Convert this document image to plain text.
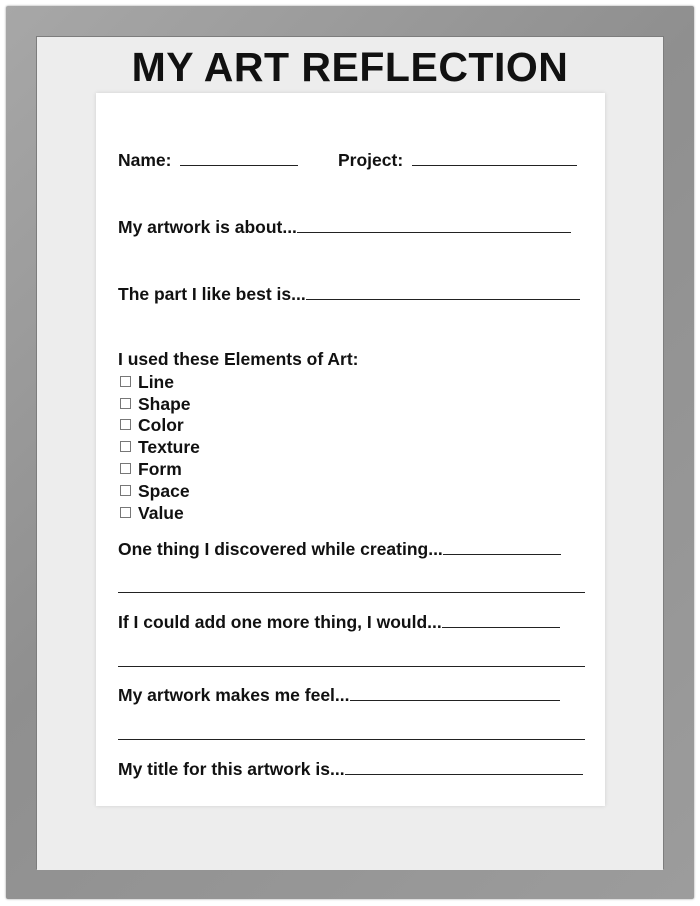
MY ART REFLECTION
Name:	Project:
My artwork is about...
The part I like best is...
I used these Elements of Art:
Line
Shape
Color
Texture
Form
Space
Value
One thing I discovered while creating...
If I could add one more thing, I would...
My artwork makes me feel...
My title for this artwork is...
